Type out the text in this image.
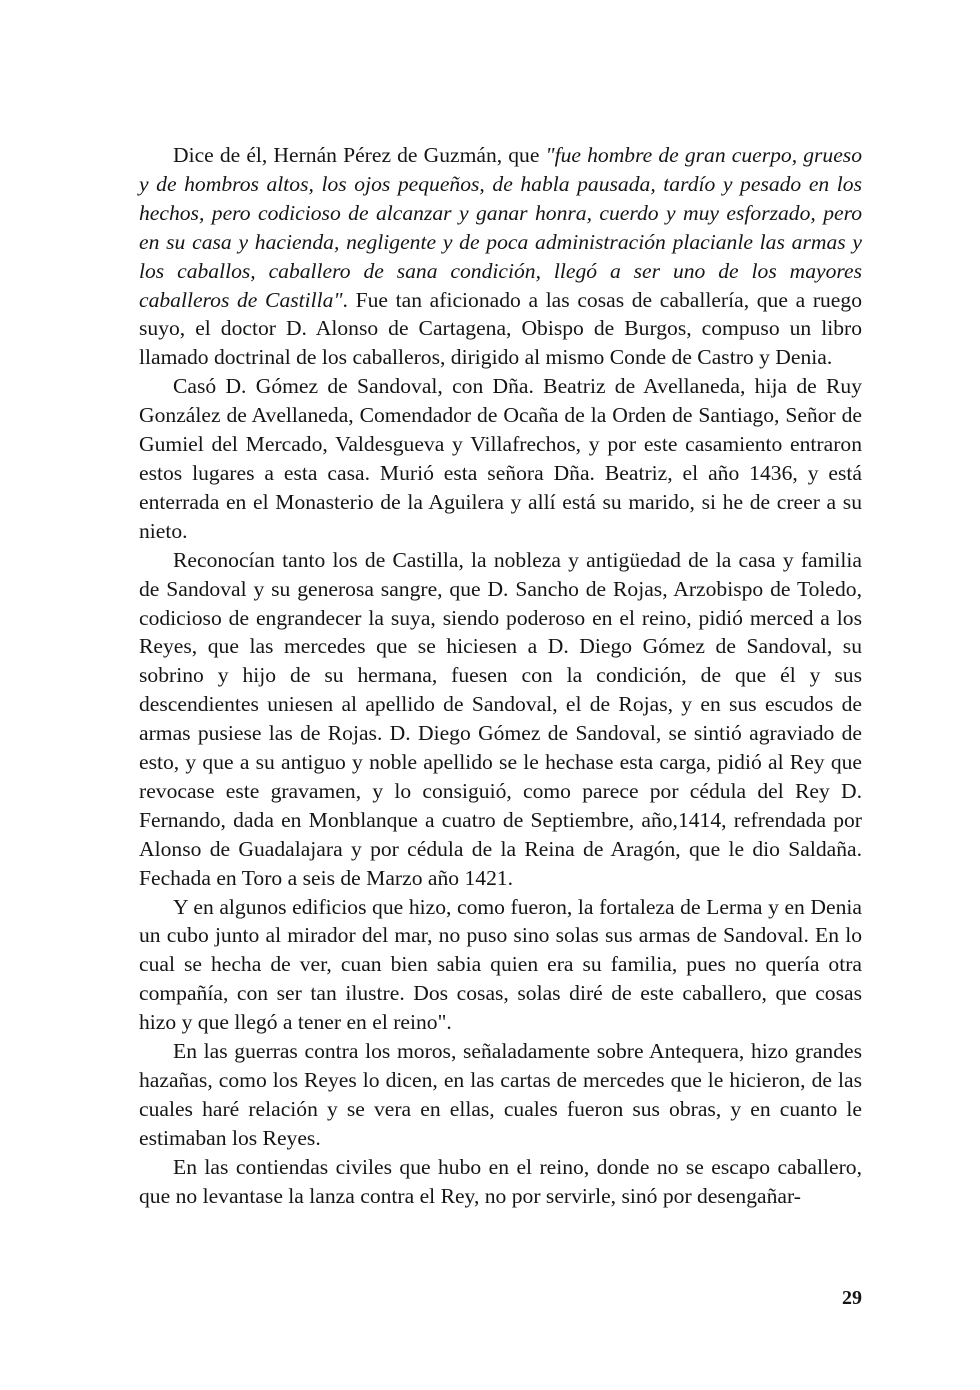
Dice de él, Hernán Pérez de Guzmán, que "fue hombre de gran cuerpo, grueso y de hombros altos, los ojos pequeños, de habla pausada, tardío y pesado en los hechos, pero codicioso de alcanzar y ganar honra, cuerdo y muy esforzado, pero en su casa y hacienda, negligente y de poca administración placianle las armas y los caballos, caballero de sana condición, llegó a ser uno de los mayores caballeros de Castilla". Fue tan aficionado a las cosas de caballería, que a ruego suyo, el doctor D. Alonso de Cartagena, Obispo de Burgos, compuso un libro llamado doctrinal de los caballeros, dirigido al mismo Conde de Castro y Denia.

Casó D. Gómez de Sandoval, con Dña. Beatriz de Avellaneda, hija de Ruy González de Avellaneda, Comendador de Ocaña de la Orden de Santiago, Señor de Gumiel del Mercado, Valdesgueva y Villafrechos, y por este casamiento entraron estos lugares a esta casa. Murió esta señora Dña. Beatriz, el año 1436, y está enterrada en el Monasterio de la Aguilera y allí está su marido, si he de creer a su nieto.

Reconocían tanto los de Castilla, la nobleza y antigüedad de la casa y familia de Sandoval y su generosa sangre, que D. Sancho de Rojas, Arzobispo de Toledo, codicioso de engrandecer la suya, siendo poderoso en el reino, pidió merced a los Reyes, que las mercedes que se hiciesen a D. Diego Gómez de Sandoval, su sobrino y hijo de su hermana, fuesen con la condición, de que él y sus descendientes uniesen al apellido de Sandoval, el de Rojas, y en sus escudos de armas pusiese las de Rojas. D. Diego Gómez de Sandoval, se sintió agraviado de esto, y que a su antiguo y noble apellido se le hechase esta carga, pidió al Rey que revocase este gravamen, y lo consiguió, como parece por cédula del Rey D. Fernando, dada en Monblanque a cuatro de Septiembre, año,1414, refrendada por Alonso de Guadalajara y por cédula de la Reina de Aragón, que le dio Saldaña. Fechada en Toro a seis de Marzo año 1421.

Y en algunos edificios que hizo, como fueron, la fortaleza de Lerma y en Denia un cubo junto al mirador del mar, no puso sino solas sus armas de Sandoval. En lo cual se hecha de ver, cuan bien sabia quien era su familia, pues no quería otra compañía, con ser tan ilustre. Dos cosas, solas diré de este caballero, que cosas hizo y que llegó a tener en el reino".

En las guerras contra los moros, señaladamente sobre Antequera, hizo grandes hazañas, como los Reyes lo dicen, en las cartas de mercedes que le hicieron, de las cuales haré relación y se vera en ellas, cuales fueron sus obras, y en cuanto le estimaban los Reyes.

En las contiendas civiles que hubo en el reino, donde no se escapo caballero, que no levantase la lanza contra el Rey, no por servirle, sinó por desengañar-

29
